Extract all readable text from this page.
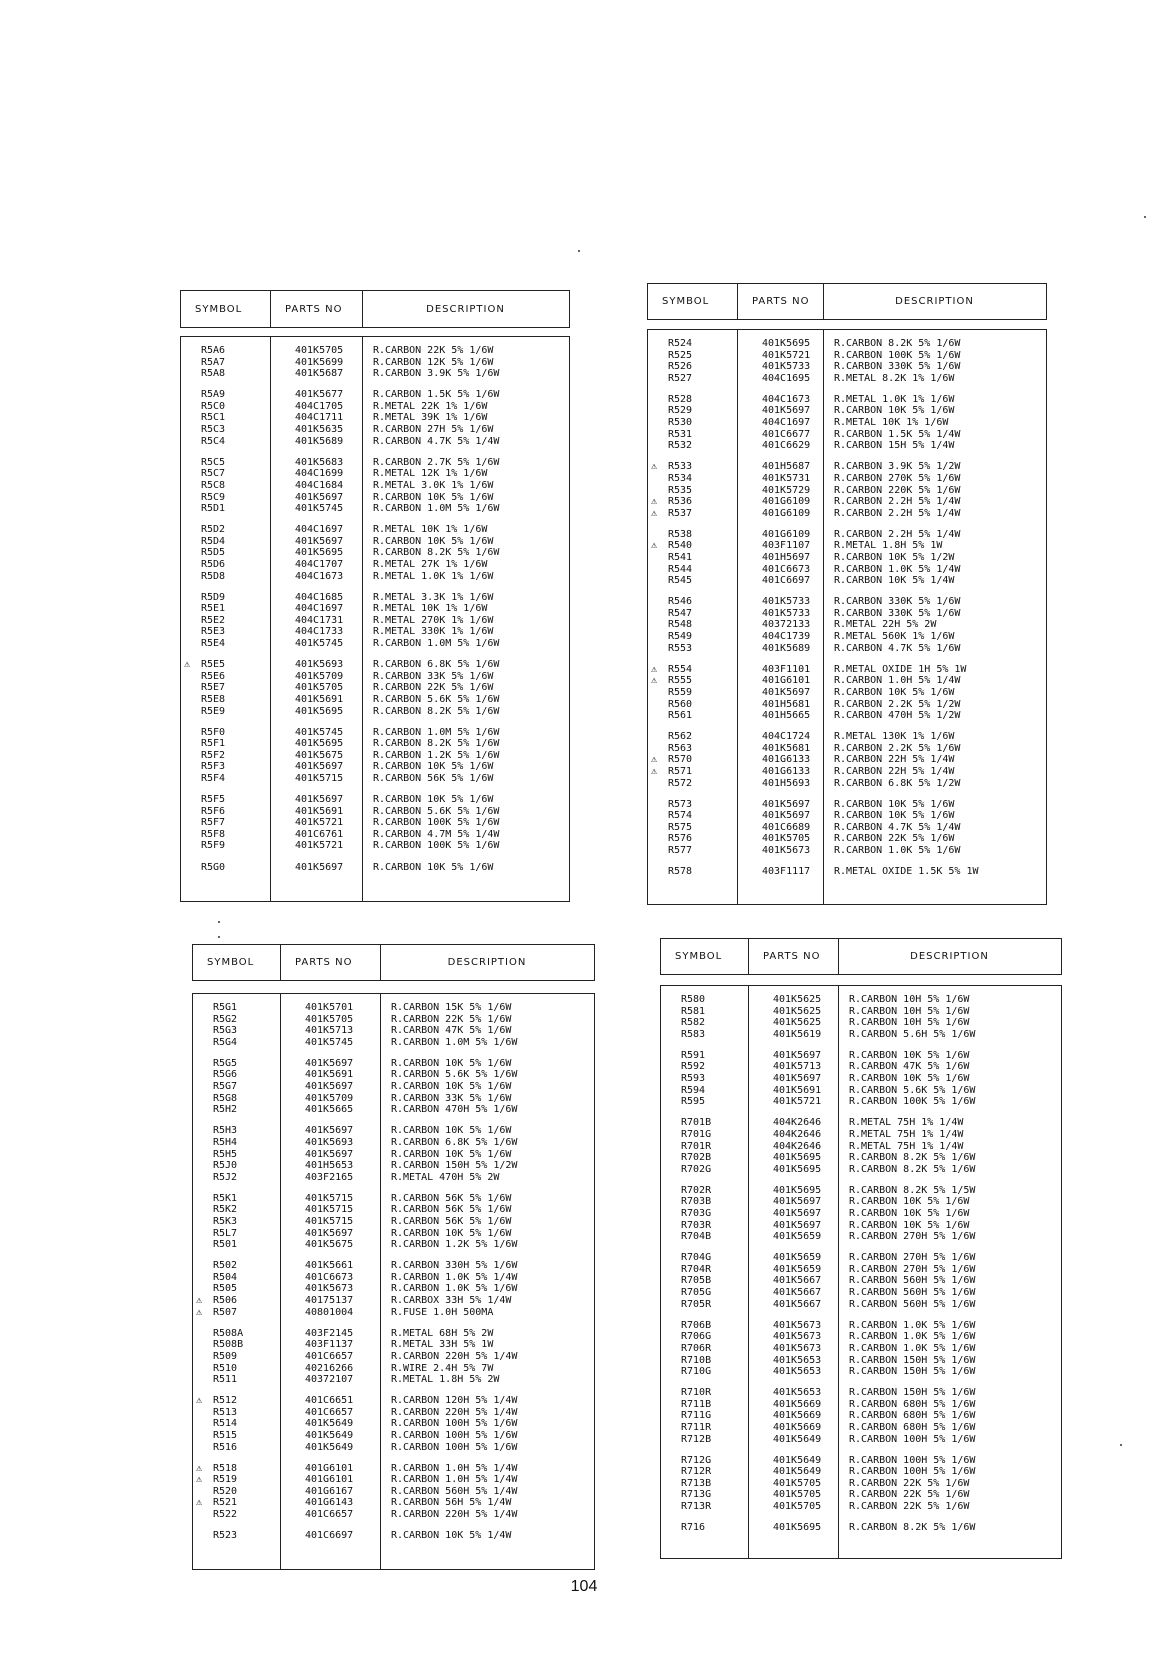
SYMBOL	PARTS NO	DESCRIPTION
R5A6	401K5705	R.CARBON 22K 5% 1/6W
R5A7	401K5699	R.CARBON 12K 5% 1/6W
R5A8	401K5687	R.CARBON 3.9K 5% 1/6W
R5A9	401K5677	R.CARBON 1.5K 5% 1/6W
R5C0	404C1705	R.METAL 22K 1% 1/6W
R5C1	404C1711	R.METAL 39K 1% 1/6W
R5C3	401K5635	R.CARBON 27H 5% 1/6W
R5C4	401K5689	R.CARBON 4.7K 5% 1/4W
R5C5	401K5683	R.CARBON 2.7K 5% 1/6W
R5C7	404C1699	R.METAL 12K 1% 1/6W
R5C8	404C1684	R.METAL 3.0K 1% 1/6W
R5C9	401K5697	R.CARBON 10K 5% 1/6W
R5D1	401K5745	R.CARBON 1.0M 5% 1/6W
R5D2	404C1697	R.METAL 10K 1% 1/6W
R5D4	401K5697	R.CARBON 10K 5% 1/6W
R5D5	401K5695	R.CARBON 8.2K 5% 1/6W
R5D6	404C1707	R.METAL 27K 1% 1/6W
R5D8	404C1673	R.METAL 1.0K 1% 1/6W
R5D9	404C1685	R.METAL 3.3K 1% 1/6W
R5E1	404C1697	R.METAL 10K 1% 1/6W
R5E2	404C1731	R.METAL 270K 1% 1/6W
R5E3	404C1733	R.METAL 330K 1% 1/6W
R5E4	401K5745	R.CARBON 1.0M 5% 1/6W
⚠ R5E5	401K5693	R.CARBON 6.8K 5% 1/6W
R5E6	401K5709	R.CARBON 33K 5% 1/6W
R5E7	401K5705	R.CARBON 22K 5% 1/6W
R5E8	401K5691	R.CARBON 5.6K 5% 1/6W
R5E9	401K5695	R.CARBON 8.2K 5% 1/6W
R5F0	401K5745	R.CARBON 1.0M 5% 1/6W
R5F1	401K5695	R.CARBON 8.2K 5% 1/6W
R5F2	401K5675	R.CARBON 1.2K 5% 1/6W
R5F3	401K5697	R.CARBON 10K 5% 1/6W
R5F4	401K5715	R.CARBON 56K 5% 1/6W
R5F5	401K5697	R.CARBON 10K 5% 1/6W
R5F6	401K5691	R.CARBON 5.6K 5% 1/6W
R5F7	401K5721	R.CARBON 100K 5% 1/6W
R5F8	401C6761	R.CARBON 4.7M 5% 1/4W
R5F9	401K5721	R.CARBON 100K 5% 1/6W
R5G0	401K5697	R.CARBON 10K 5% 1/6W
SYMBOL	PARTS NO	DESCRIPTION
R524	401K5695	R.CARBON 8.2K 5% 1/6W
R525	401K5721	R.CARBON 100K 5% 1/6W
R526	401K5733	R.CARBON 330K 5% 1/6W
R527	404C1695	R.METAL 8.2K 1% 1/6W
R528	404C1673	R.METAL 1.0K 1% 1/6W
R529	401K5697	R.CARBON 10K 5% 1/6W
R530	404C1697	R.METAL 10K 1% 1/6W
R531	401C6677	R.CARBON 1.5K 5% 1/4W
R532	401C6629	R.CARBON 15H 5% 1/4W
⚠ R533	401H5687	R.CARBON 3.9K 5% 1/2W
R534	401K5731	R.CARBON 270K 5% 1/6W
R535	401K5729	R.CARBON 220K 5% 1/6W
⚠ R536	401G6109	R.CARBON 2.2H 5% 1/4W
⚠ R537	401G6109	R.CARBON 2.2H 5% 1/4W
R538	401G6109	R.CARBON 2.2H 5% 1/4W
⚠ R540	403F1107	R.METAL 1.8H 5% 1W
R541	401H5697	R.CARBON 10K 5% 1/2W
R544	401C6673	R.CARBON 1.0K 5% 1/4W
R545	401C6697	R.CARBON 10K 5% 1/4W
R546	401K5733	R.CARBON 330K 5% 1/6W
R547	401K5733	R.CARBON 330K 5% 1/6W
R548	40372133	R.METAL 22H 5% 2W
R549	404C1739	R.METAL 560K 1% 1/6W
R553	401K5689	R.CARBON 4.7K 5% 1/6W
⚠ R554	403F1101	R.METAL OXIDE 1H 5% 1W
⚠ R555	401G6101	R.CARBON 1.0H 5% 1/4W
R559	401K5697	R.CARBON 10K 5% 1/6W
R560	401H5681	R.CARBON 2.2K 5% 1/2W
R561	401H5665	R.CARBON 470H 5% 1/2W
R562	404C1724	R.METAL 130K 1% 1/6W
R563	401K5681	R.CARBON 2.2K 5% 1/6W
⚠ R570	401G6133	R.CARBON 22H 5% 1/4W
⚠ R571	401G6133	R.CARBON 22H 5% 1/4W
R572	401H5693	R.CARBON 6.8K 5% 1/2W
R573	401K5697	R.CARBON 10K 5% 1/6W
R574	401K5697	R.CARBON 10K 5% 1/6W
R575	401C6689	R.CARBON 4.7K 5% 1/4W
R576	401K5705	R.CARBON 22K 5% 1/6W
R577	401K5673	R.CARBON 1.0K 5% 1/6W
R578	403F1117	R.METAL OXIDE 1.5K 5% 1W
SYMBOL	PARTS NO	DESCRIPTION
R5G1	401K5701	R.CARBON 15K 5% 1/6W
R5G2	401K5705	R.CARBON 22K 5% 1/6W
R5G3	401K5713	R.CARBON 47K 5% 1/6W
R5G4	401K5745	R.CARBON 1.0M 5% 1/6W
R5G5	401K5697	R.CARBON 10K 5% 1/6W
R5G6	401K5691	R.CARBON 5.6K 5% 1/6W
R5G7	401K5697	R.CARBON 10K 5% 1/6W
R5G8	401K5709	R.CARBON 33K 5% 1/6W
R5H2	401K5665	R.CARBON 470H 5% 1/6W
R5H3	401K5697	R.CARBON 10K 5% 1/6W
R5H4	401K5693	R.CARBON 6.8K 5% 1/6W
R5H5	401K5697	R.CARBON 10K 5% 1/6W
R5J0	401H5653	R.CARBON 150H 5% 1/2W
R5J2	403F2165	R.METAL 470H 5% 2W
R5K1	401K5715	R.CARBON 56K 5% 1/6W
R5K2	401K5715	R.CARBON 56K 5% 1/6W
R5K3	401K5715	R.CARBON 56K 5% 1/6W
R5L7	401K5697	R.CARBON 10K 5% 1/6W
R501	401K5675	R.CARBON 1.2K 5% 1/6W
R502	401K5661	R.CARBON 330H 5% 1/6W
R504	401C6673	R.CARBON 1.0K 5% 1/4W
R505	401K5673	R.CARBON 1.0K 5% 1/6W
⚠ R506	40175137	R.CARBOX 33H 5% 1/4W
⚠ R507	40801004	R.FUSE 1.0H 500MA
R508A	403F2145	R.METAL 68H 5% 2W
R508B	403F1137	R.METAL 33H 5% 1W
R509	401C6657	R.CARBON 220H 5% 1/4W
R510	40216266	R.WIRE 2.4H 5% 7W
R511	40372107	R.METAL 1.8H 5% 2W
⚠ R512	401C6651	R.CARBON 120H 5% 1/4W
R513	401C6657	R.CARBON 220H 5% 1/4W
R514	401K5649	R.CARBON 100H 5% 1/6W
R515	401K5649	R.CARBON 100H 5% 1/6W
R516	401K5649	R.CARBON 100H 5% 1/6W
⚠ R518	401G6101	R.CARBON 1.0H 5% 1/4W
⚠ R519	401G6101	R.CARBON 1.0H 5% 1/4W
R520	401G6167	R.CARBON 560H 5% 1/4W
⚠ R521	401G6143	R.CARBON 56H 5% 1/4W
R522	401C6657	R.CARBON 220H 5% 1/4W
R523	401C6697	R.CARBON 10K 5% 1/4W
SYMBOL	PARTS NO	DESCRIPTION
R580	401K5625	R.CARBON 10H 5% 1/6W
R581	401K5625	R.CARBON 10H 5% 1/6W
R582	401K5625	R.CARBON 10H 5% 1/6W
R583	401K5619	R.CARBON 5.6H 5% 1/6W
R591	401K5697	R.CARBON 10K 5% 1/6W
R592	401K5713	R.CARBON 47K 5% 1/6W
R593	401K5697	R.CARBON 10K 5% 1/6W
R594	401K5691	R.CARBON 5.6K 5% 1/6W
R595	401K5721	R.CARBON 100K 5% 1/6W
R701B	404K2646	R.METAL 75H 1% 1/4W
R701G	404K2646	R.METAL 75H 1% 1/4W
R701R	404K2646	R.METAL 75H 1% 1/4W
R702B	401K5695	R.CARBON 8.2K 5% 1/6W
R702G	401K5695	R.CARBON 8.2K 5% 1/6W
R702R	401K5695	R.CARBON 8.2K 5% 1/5W
R703B	401K5697	R.CARBON 10K 5% 1/6W
R703G	401K5697	R.CARBON 10K 5% 1/6W
R703R	401K5697	R.CARBON 10K 5% 1/6W
R704B	401K5659	R.CARBON 270H 5% 1/6W
R704G	401K5659	R.CARBON 270H 5% 1/6W
R704R	401K5659	R.CARBON 270H 5% 1/6W
R705B	401K5667	R.CARBON 560H 5% 1/6W
R705G	401K5667	R.CARBON 560H 5% 1/6W
R705R	401K5667	R.CARBON 560H 5% 1/6W
R706B	401K5673	R.CARBON 1.0K 5% 1/6W
R706G	401K5673	R.CARBON 1.0K 5% 1/6W
R706R	401K5673	R.CARBON 1.0K 5% 1/6W
R710B	401K5653	R.CARBON 150H 5% 1/6W
R710G	401K5653	R.CARBON 150H 5% 1/6W
R710R	401K5653	R.CARBON 150H 5% 1/6W
R711B	401K5669	R.CARBON 680H 5% 1/6W
R711G	401K5669	R.CARBON 680H 5% 1/6W
R711R	401K5669	R.CARBON 680H 5% 1/6W
R712B	401K5649	R.CARBON 100H 5% 1/6W
R712G	401K5649	R.CARBON 100H 5% 1/6W
R712R	401K5649	R.CARBON 100H 5% 1/6W
R713B	401K5705	R.CARBON 22K 5% 1/6W
R713G	401K5705	R.CARBON 22K 5% 1/6W
R713R	401K5705	R.CARBON 22K 5% 1/6W
R716	401K5695	R.CARBON 8.2K 5% 1/6W
104
